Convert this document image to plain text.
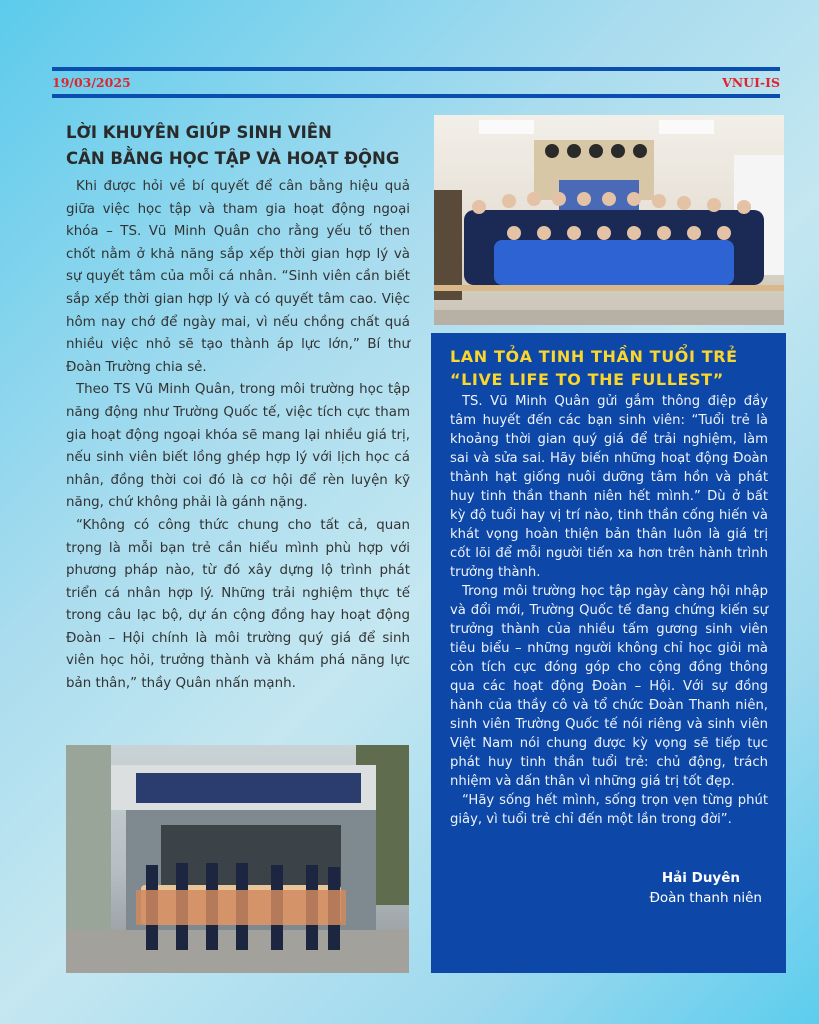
19/03/2025	VNUI-IS
LỜI KHUYÊN GIÚP SINH VIÊN
CÂN BẰNG HỌC TẬP VÀ HOẠT ĐỘNG

Khi được hỏi về bí quyết để cân bằng hiệu quả giữa việc học tập và tham gia hoạt động ngoại khóa – TS. Vũ Minh Quân cho rằng yếu tố then chốt nằm ở khả năng sắp xếp thời gian hợp lý và sự quyết tâm của mỗi cá nhân. “Sinh viên cần biết sắp xếp thời gian hợp lý và có quyết tâm cao. Việc hôm nay chớ để ngày mai, vì nếu chồng chất quá nhiều việc nhỏ sẽ tạo thành áp lực lớn,” Bí thư Đoàn Trường chia sẻ.

Theo TS Vũ Minh Quân, trong môi trường học tập năng động như Trường Quốc tế, việc tích cực tham gia hoạt động ngoại khóa sẽ mang lại nhiều giá trị, nếu sinh viên biết lồng ghép hợp lý với lịch học cá nhân, đồng thời coi đó là cơ hội để rèn luyện kỹ năng, chứ không phải là gánh nặng.

“Không có công thức chung cho tất cả, quan trọng là mỗi bạn trẻ cần hiểu mình phù hợp với phương pháp nào, từ đó xây dựng lộ trình phát triển cá nhân hợp lý. Những trải nghiệm thực tế trong câu lạc bộ, dự án cộng đồng hay hoạt động Đoàn – Hội chính là môi trường quý giá để sinh viên học hỏi, trưởng thành và khám phá năng lực bản thân,” thầy Quân nhấn mạnh.

LAN TỎA TINH THẦN TUỔI TRẺ
“LIVE LIFE TO THE FULLEST”

TS. Vũ Minh Quân gửi gắm thông điệp đầy tâm huyết đến các bạn sinh viên: “Tuổi trẻ là khoảng thời gian quý giá để trải nghiệm, làm sai và sửa sai. Hãy biến những hoạt động Đoàn thành hạt giống nuôi dưỡng tâm hồn và phát huy tinh thần thanh niên hết mình.” Dù ở bất kỳ độ tuổi hay vị trí nào, tinh thần cống hiến và khát vọng hoàn thiện bản thân luôn là giá trị cốt lõi để mỗi người tiến xa hơn trên hành trình trưởng thành.

Trong môi trường học tập ngày càng hội nhập và đổi mới, Trường Quốc tế đang chứng kiến sự trưởng thành của nhiều tấm gương sinh viên tiêu biểu – những người không chỉ học giỏi mà còn tích cực đóng góp cho cộng đồng thông qua các hoạt động Đoàn – Hội. Với sự đồng hành của thầy cô và tổ chức Đoàn Thanh niên, sinh viên Trường Quốc tế nói riêng và sinh viên Việt Nam nói chung được kỳ vọng sẽ tiếp tục phát huy tinh thần tuổi trẻ: chủ động, trách nhiệm và dấn thân vì những giá trị tốt đẹp.

“Hãy sống hết mình, sống trọn vẹn từng phút giây, vì tuổi trẻ chỉ đến một lần trong đời”.

Hải Duyên
Đoàn thanh niên
